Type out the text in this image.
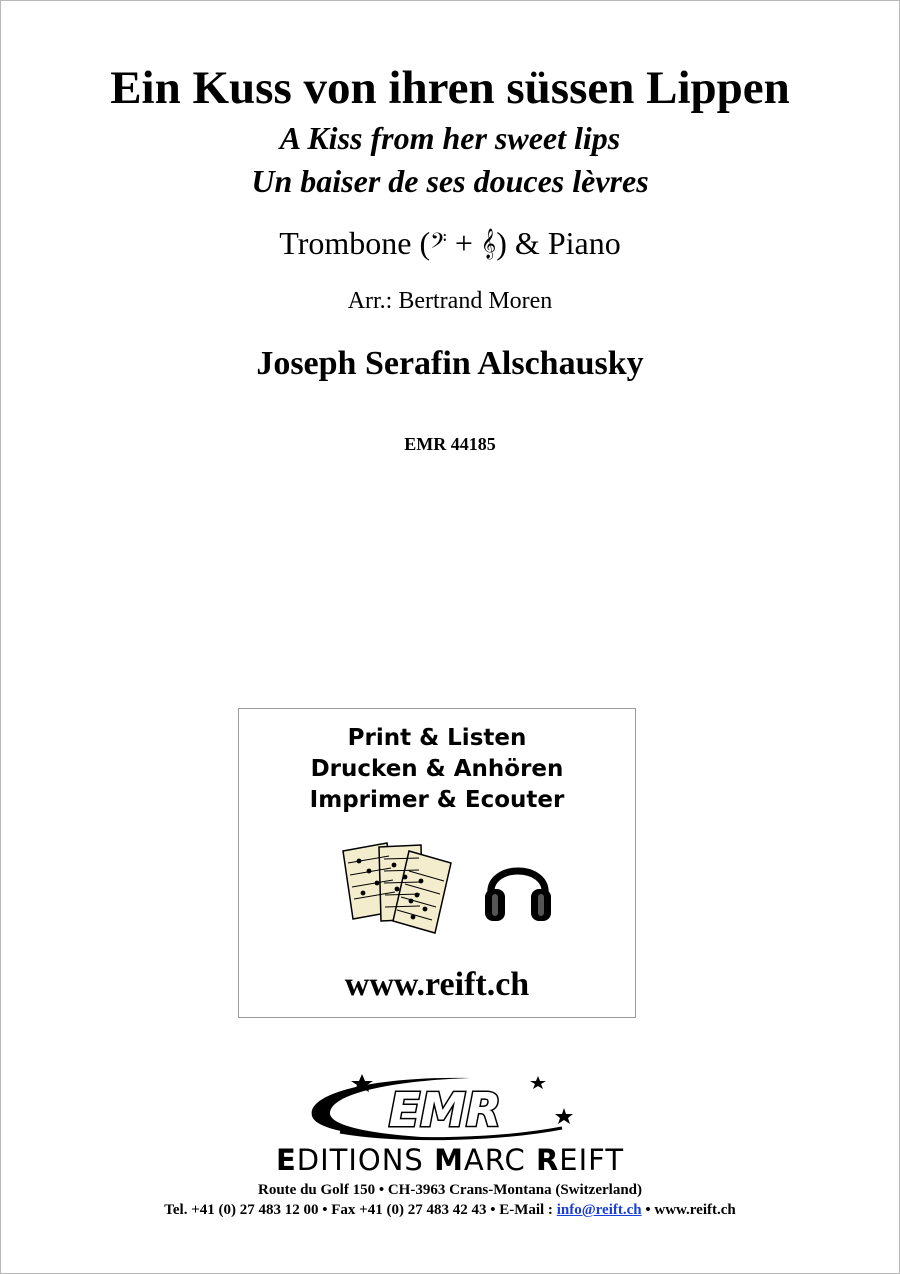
Ein Kuss von ihren süssen Lippen
A Kiss from her sweet lips
Un baiser de ses douces lèvres
Trombone (𝄢 + 𝄞) & Piano
Arr.: Bertrand Moren
Joseph Serafin Alschausky
EMR 44185
Print & Listen
Drucken & Anhören
Imprimer & Ecouter
www.reift.ch
EMR
EDITIONS MARC REIFT
Route du Golf 150 • CH-3963 Crans-Montana (Switzerland)
Tel. +41 (0) 27 483 12 00 • Fax +41 (0) 27 483 42 43 • E-Mail : info@reift.ch • www.reift.ch
